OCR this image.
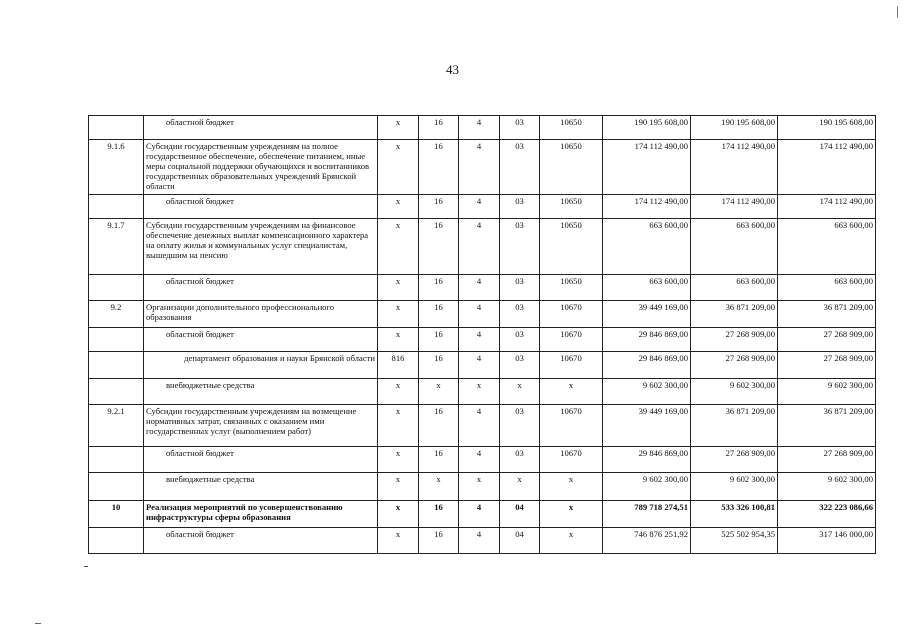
43
	областной бюджет	х	16	4	03	10650	190 195 608,00	190 195 608,00	190 195 608,00
9.1.6	Субсидии государственным учреждениям на полное государственное обеспечение, обеспечение питанием, иные меры социальной поддержки обучающихся и воспитанников государственных образовательных учреждений Брянской области	х	16	4	03	10650	174 112 490,00	174 112 490,00	174 112 490,00
	областной бюджет	х	16	4	03	10650	174 112 490,00	174 112 490,00	174 112 490,00
9.1.7	Субсидии государственным учреждениям на финансовое обеспечение денежных выплат компенсационного характера на оплату жилья и коммунальных услуг специалистам, вышедшим на пенсию	х	16	4	03	10650	663 600,00	663 600,00	663 600,00
	областной бюджет	х	16	4	03	10650	663 600,00	663 600,00	663 600,00
9.2	Организации дополнительного профессионального образования	х	16	4	03	10670	39 449 169,00	36 871 209,00	36 871 209,00
	областной бюджет	х	16	4	03	10670	29 846 869,00	27 268 909,00	27 268 909,00
	департамент образования и науки Брянской области	816	16	4	03	10670	29 846 869,00	27 268 909,00	27 268 909,00
	внебюджетные средства	х	х	х	х	х	9 602 300,00	9 602 300,00	9 602 300,00
9.2.1	Субсидии государственным учреждениям на возмещение нормативных затрат, связанных с оказанием ими государственных услуг (выполнением работ)	х	16	4	03	10670	39 449 169,00	36 871 209,00	36 871 209,00
	областной бюджет	х	16	4	03	10670	29 846 869,00	27 268 909,00	27 268 909,00
	внебюджетные средства	х	х	х	х	х	9 602 300,00	9 602 300,00	9 602 300,00
10	Реализация мероприятий по усовершенствованию инфраструктуры сферы образования	х	16	4	04	х	789 718 274,51	533 326 100,81	322 223 086,66
	областной бюджет	х	16	4	04	х	746 876 251,92	525 502 954,35	317 146 000,00
